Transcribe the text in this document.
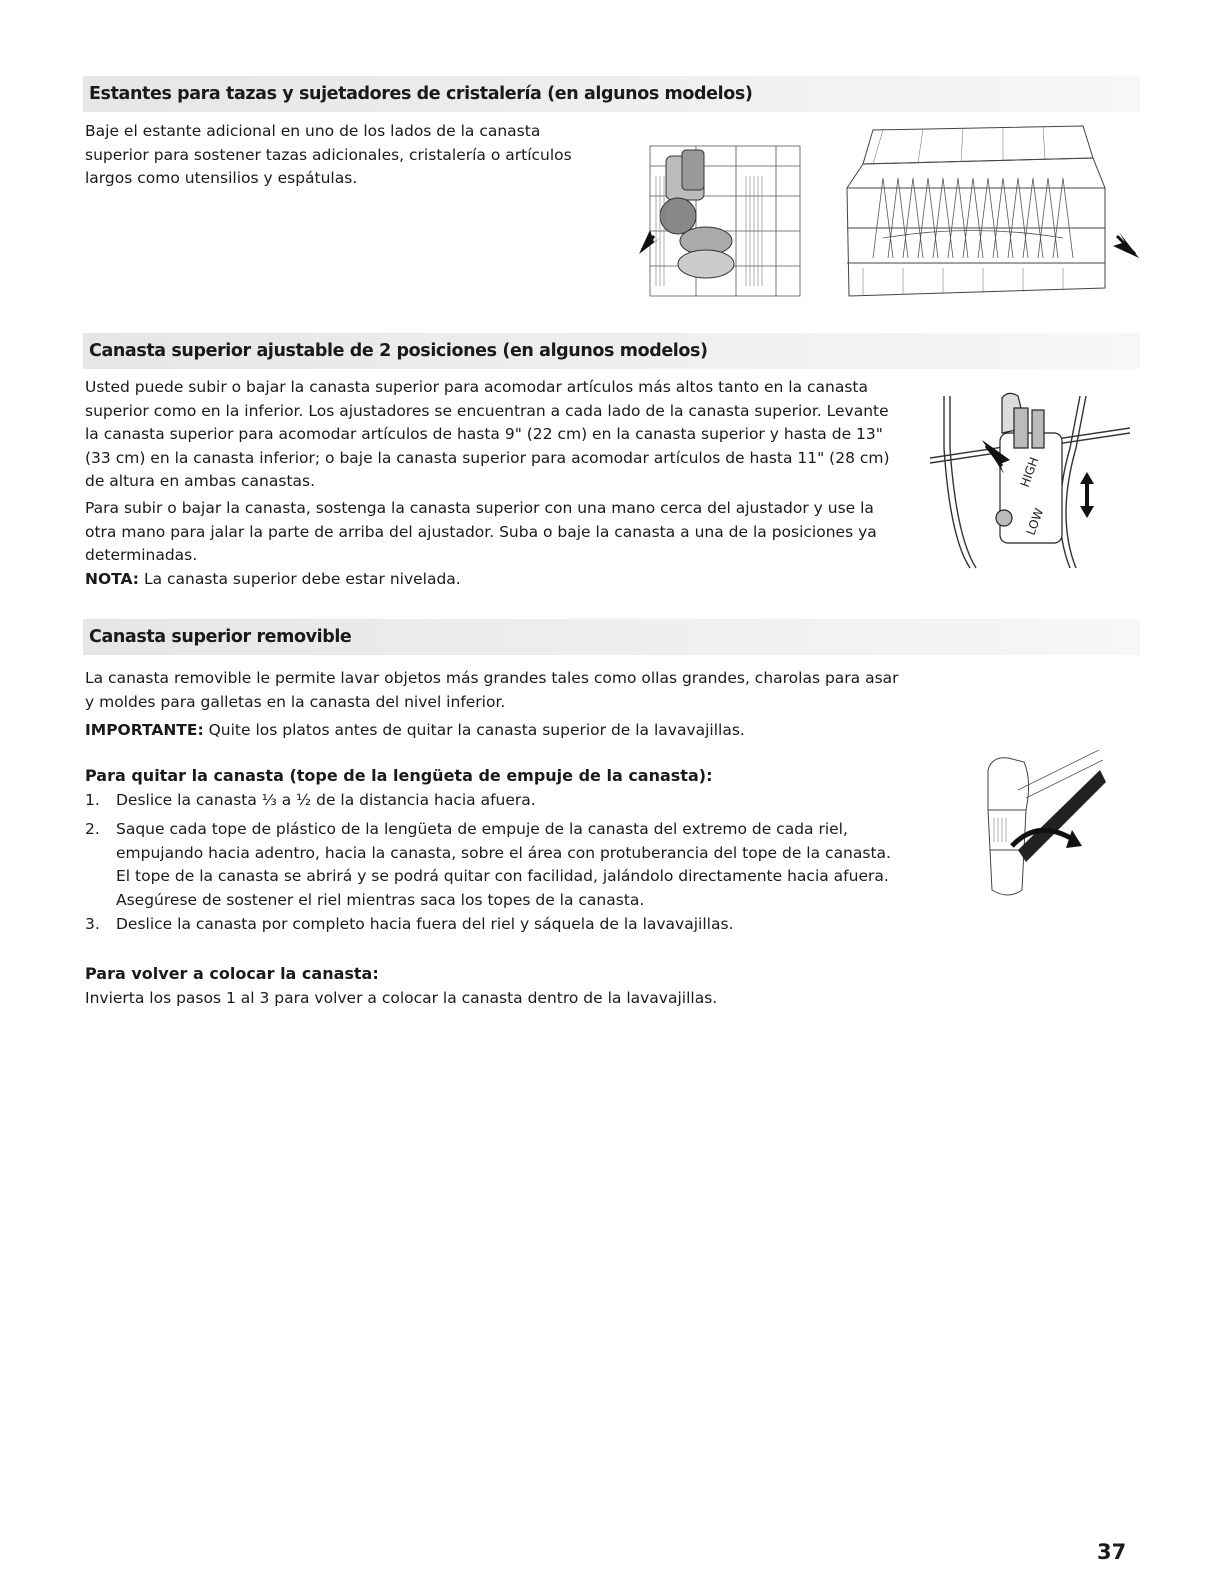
Estantes para tazas y sujetadores de cristalería (en algunos modelos)

Baje el estante adicional en uno de los lados de la canasta superior para sostener tazas adicionales, cristalería o artículos largos como utensilios y espátulas.

Canasta superior ajustable de 2 posiciones (en algunos modelos)

Usted puede subir o bajar la canasta superior para acomodar artículos más altos tanto en la canasta superior como en la inferior. Los ajustadores se encuentran a cada lado de la canasta superior. Levante la canasta superior para acomodar artículos de hasta 9" (22 cm) en la canasta superior y hasta de 13" (33 cm) en la canasta inferior; o baje la canasta superior para acomodar artículos de hasta 11" (28 cm) de altura en ambas canastas.

Para subir o bajar la canasta, sostenga la canasta superior con una mano cerca del ajustador y use la otra mano para jalar la parte de arriba del ajustador. Suba o baje la canasta a una de la posiciones ya determinadas.

NOTA: La canasta superior debe estar nivelada.

HIGH
LOW
Canasta superior removible

La canasta removible le permite lavar objetos más grandes tales como ollas grandes, charolas para asar y moldes para galletas en la canasta del nivel inferior.

IMPORTANTE: Quite los platos antes de quitar la canasta superior de la lavavajillas.

Para quitar la canasta (tope de la lengüeta de empuje de la canasta):
1.	Deslice la canasta ⅓ a ½ de la distancia hacia afuera.
2.	Saque cada tope de plástico de la lengüeta de empuje de la canasta del extremo de cada riel, empujando hacia adentro, hacia la canasta, sobre el área con protuberancia del tope de la canasta. El tope de la canasta se abrirá y se podrá quitar con facilidad, jalándolo directamente hacia afuera. Asegúrese de sostener el riel mientras saca los topes de la canasta.
3.	Deslice la canasta por completo hacia fuera del riel y sáquela de la lavavajillas.
Para volver a colocar la canasta:

Invierta los pasos 1 al 3 para volver a colocar la canasta dentro de la lavavajillas.

37
